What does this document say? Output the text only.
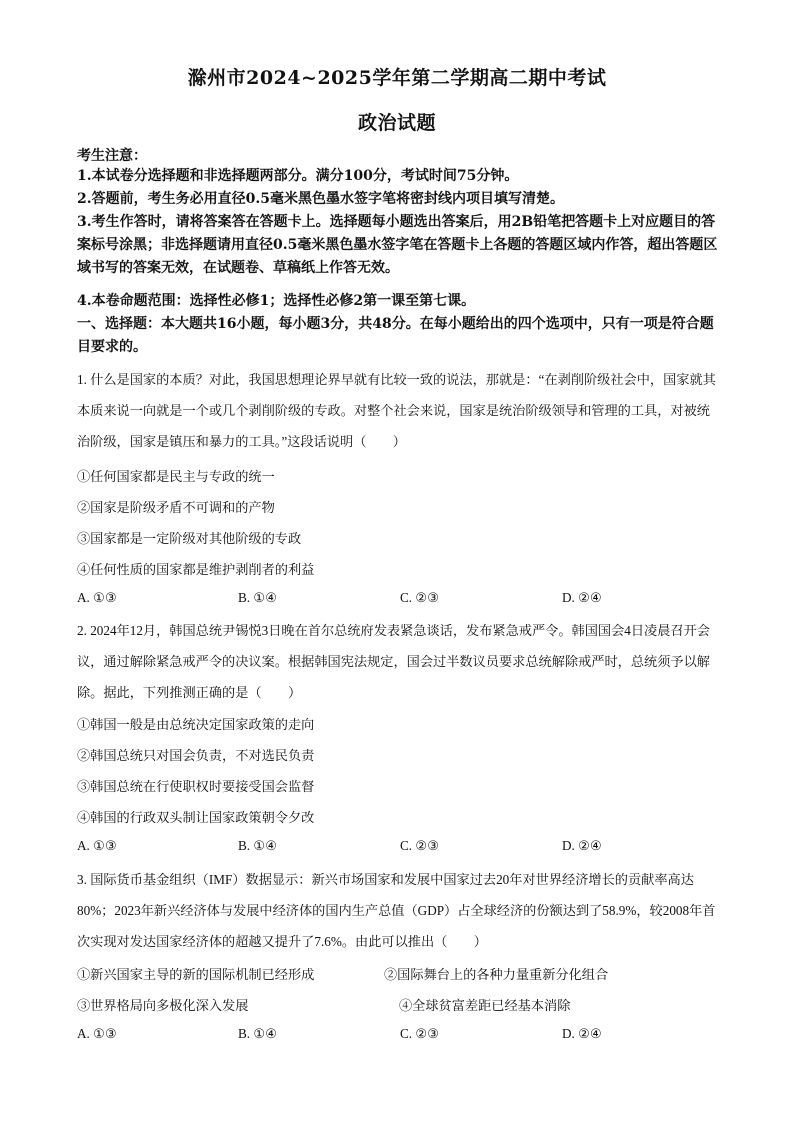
滁州市2024~2025学年第二学期高二期中考试
政治试题
考生注意：
1.本试卷分选择题和非选择题两部分。满分100分，考试时间75分钟。
2.答题前，考生务必用直径0.5毫米黑色墨水签字笔将密封线内项目填写清楚。
3.考生作答时，请将答案答在答题卡上。选择题每小题选出答案后，用2B铅笔把答题卡上对应题目的答案标号涂黑；非选择题请用直径0.5毫米黑色墨水签字笔在答题卡上各题的答题区域内作答，超出答题区域书写的答案无效，在试题卷、草稿纸上作答无效。
4.本卷命题范围：选择性必修1；选择性必修2第一课至第七课。
一、选择题：本大题共16小题，每小题3分，共48分。在每小题给出的四个选项中，只有一项是符合题目要求的。
1. 什么是国家的本质？对此，我国思想理论界早就有比较一致的说法，那就是：“在剥削阶级社会中，国家就其本质来说一向就是一个或几个剥削阶级的专政。对整个社会来说，国家是统治阶级领导和管理的工具，对被统治阶级，国家是镇压和暴力的工具。”这段话说明（　　）
①任何国家都是民主与专政的统一
②国家是阶级矛盾不可调和的产物
③国家都是一定阶级对其他阶级的专政
④任何性质的国家都是维护剥削者的利益
A. ①③	B. ①④	C. ②③	D. ②④
2. 2024年12月，韩国总统尹锡悦3日晚在首尔总统府发表紧急谈话，发布紧急戒严令。韩国国会4日凌晨召开会议，通过解除紧急戒严令的决议案。根据韩国宪法规定，国会过半数议员要求总统解除戒严时，总统须予以解除。据此，下列推测正确的是（　　）
①韩国一般是由总统决定国家政策的走向
②韩国总统只对国会负责，不对选民负责
③韩国总统在行使职权时要接受国会监督
④韩国的行政双头制让国家政策朝令夕改
A. ①③	B. ①④	C. ②③	D. ②④
3. 国际货币基金组织（IMF）数据显示：新兴市场国家和发展中国家过去20年对世界经济增长的贡献率高达80%；2023年新兴经济体与发展中经济体的国内生产总值（GDP）占全球经济的份额达到了58.9%，较2008年首次实现对发达国家经济体的超越又提升了7.6%。由此可以推出（　　）
①新兴国家主导的新的国际机制已经形成	②国际舞台上的各种力量重新分化组合
③世界格局向多极化深入发展	④全球贫富差距已经基本消除
A. ①③	B. ①④	C. ②③	D. ②④
